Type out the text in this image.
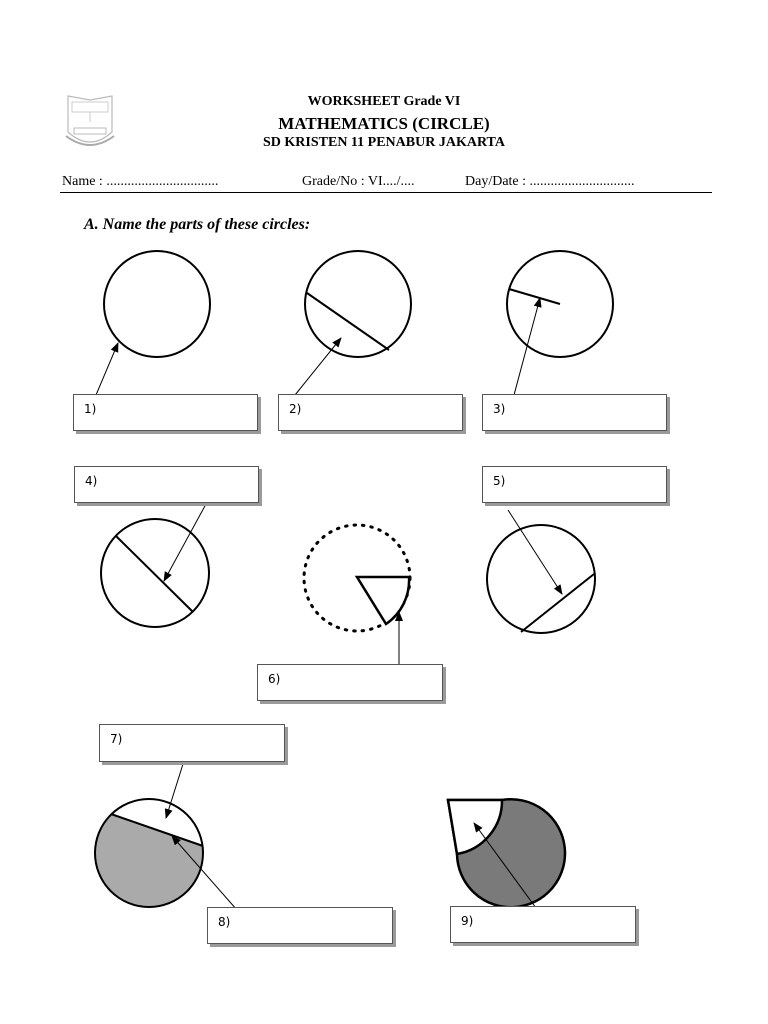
WORKSHEET Grade VI
MATHEMATICS (CIRCLE)
SD KRISTEN 11 PENABUR JAKARTA
Name : ................................	Grade/No : VI..../....	Day/Date : ..............................
A. Name the parts of these circles:
1)	2)	3)
4)	5)
6)
7)
8)	9)
